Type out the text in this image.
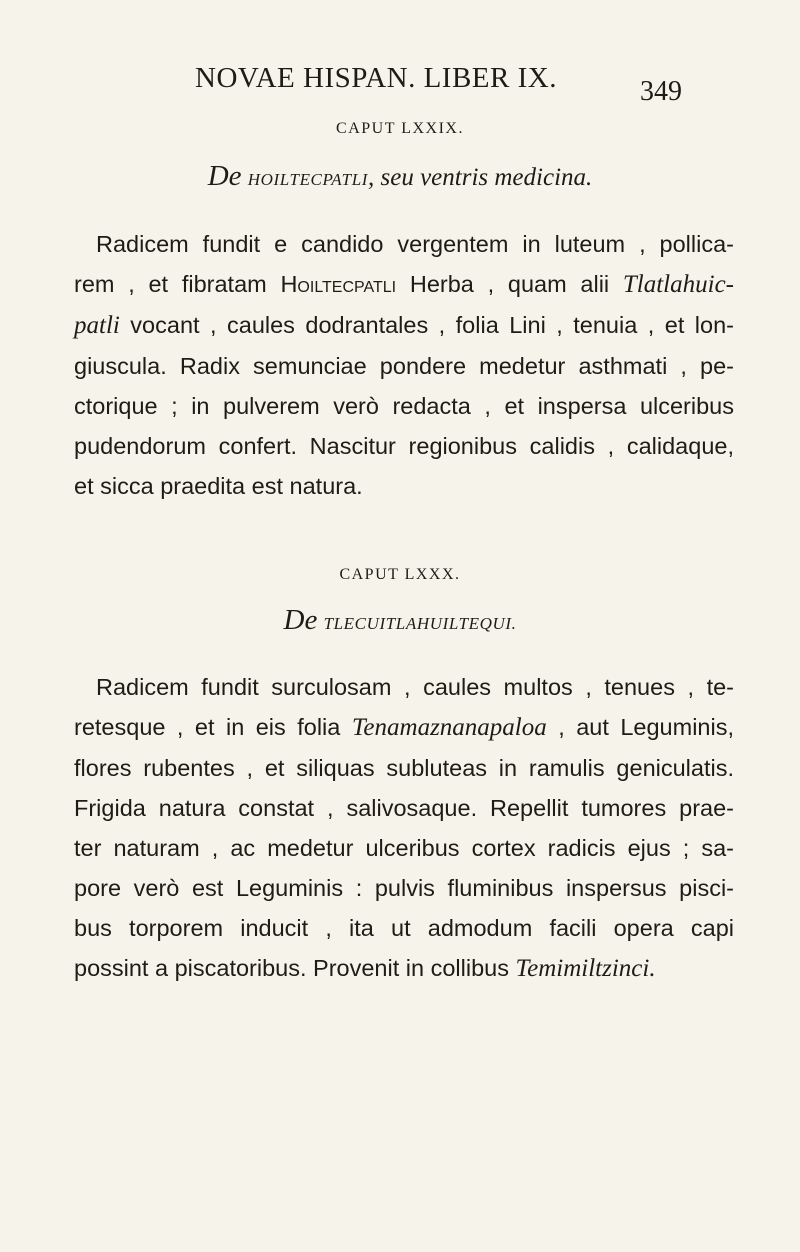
NOVAE HISPAN. LIBER IX.	349
CAPUT LXXIX.
De HOILTECPATLI, seu ventris medicina.
Radicem fundit e candido vergentem in luteum , pollica-
rem , et fibratam Hoiltecpatli Herba , quam alii Tlatlahuic-
patli vocant , caules dodrantales , folia Lini , tenuia , et lon-
giuscula. Radix semunciae pondere medetur asthmati , pe-
ctorique ; in pulverem verò redacta , et inspersa ulceribus
pudendorum confert. Nascitur regionibus calidis , calidaque,
et sicca praedita est natura.
CAPUT LXXX.
De TLECUITLAHUILTEQUI.
Radicem fundit surculosam , caules multos , tenues , te-
retesque , et in eis folia Tenamaznanapaloa , aut Leguminis,
flores rubentes , et siliquas subluteas in ramulis geniculatis.
Frigida natura constat , salivosaque. Repellit tumores prae-
ter naturam , ac medetur ulceribus cortex radicis ejus ; sa-
pore verò est Leguminis : pulvis fluminibus inspersus pisci-
bus torporem inducit , ita ut admodum facili opera capi
possint a piscatoribus. Provenit in collibus Temimiltzinci.
